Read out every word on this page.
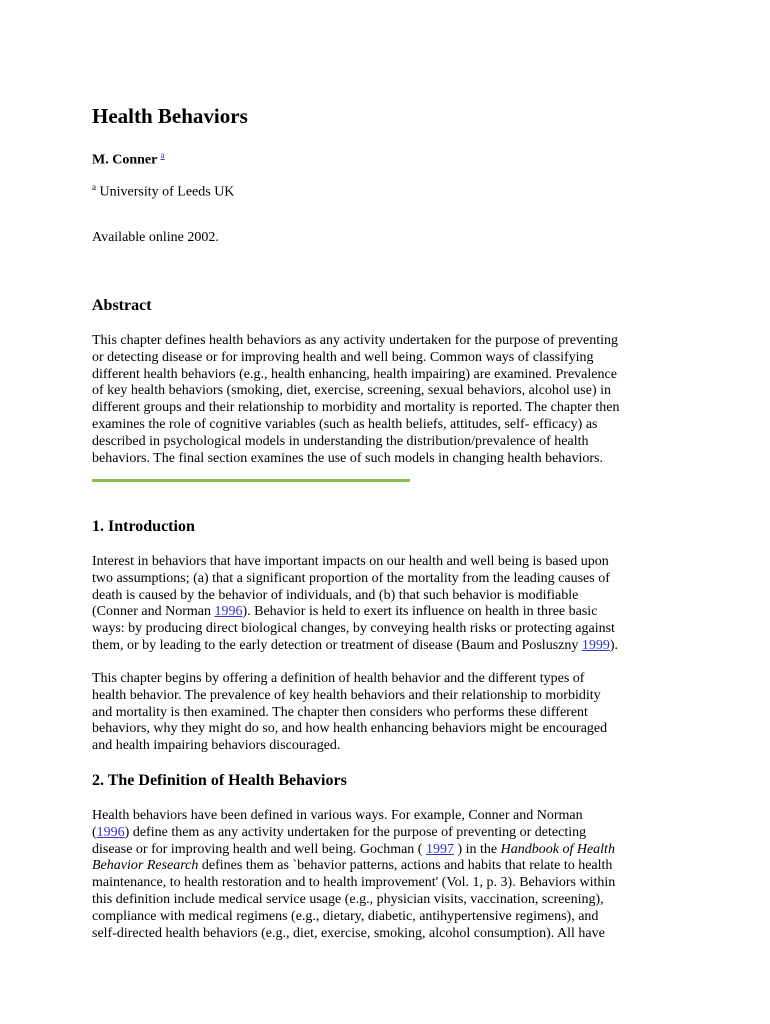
Health Behaviors
M. Conner $^a$
$^a$ University of Leeds UK
Available online 2002.
Abstract
This chapter defines health behaviors as any activity undertaken for the purpose of preventing
or detecting disease or for improving health and well being. Common ways of classifying
different health behaviors (e.g., health enhancing, health impairing) are examined. Prevalence
of key health behaviors (smoking, diet, exercise, screening, sexual behaviors, alcohol use) in
different groups and their relationship to morbidity and mortality is reported. The chapter then
examines the role of cognitive variables (such as health beliefs, attitudes, self- efficacy) as
described in psychological models in understanding the distribution/prevalence of health
behaviors. The final section examines the use of such models in changing health behaviors.
1. Introduction
Interest in behaviors that have important impacts on our health and well being is based upon
two assumptions; (a) that a significant proportion of the mortality from the leading causes of
death is caused by the behavior of individuals, and (b) that such behavior is modifiable
(Conner and Norman 1996). Behavior is held to exert its influence on health in three basic
ways: by producing direct biological changes, by conveying health risks or protecting against
them, or by leading to the early detection or treatment of disease (Baum and Posluszny 1999).
This chapter begins by offering a definition of health behavior and the different types of
health behavior. The prevalence of key health behaviors and their relationship to morbidity
and mortality is then examined. The chapter then considers who performs these different
behaviors, why they might do so, and how health enhancing behaviors might be encouraged
and health impairing behaviors discouraged.
2. The Definition of Health Behaviors
Health behaviors have been defined in various ways. For example, Conner and Norman
(1996) define them as any activity undertaken for the purpose of preventing or detecting
disease or for improving health and well being. Gochman ( 1997 ) in the Handbook of Health
Behavior Research defines them as `behavior patterns, actions and habits that relate to health
maintenance, to health restoration and to health improvement' (Vol. 1, p. 3). Behaviors within
this definition include medical service usage (e.g., physician visits, vaccination, screening),
compliance with medical regimens (e.g., dietary, diabetic, antihypertensive regimens), and
self-directed health behaviors (e.g., diet, exercise, smoking, alcohol consumption). All have
